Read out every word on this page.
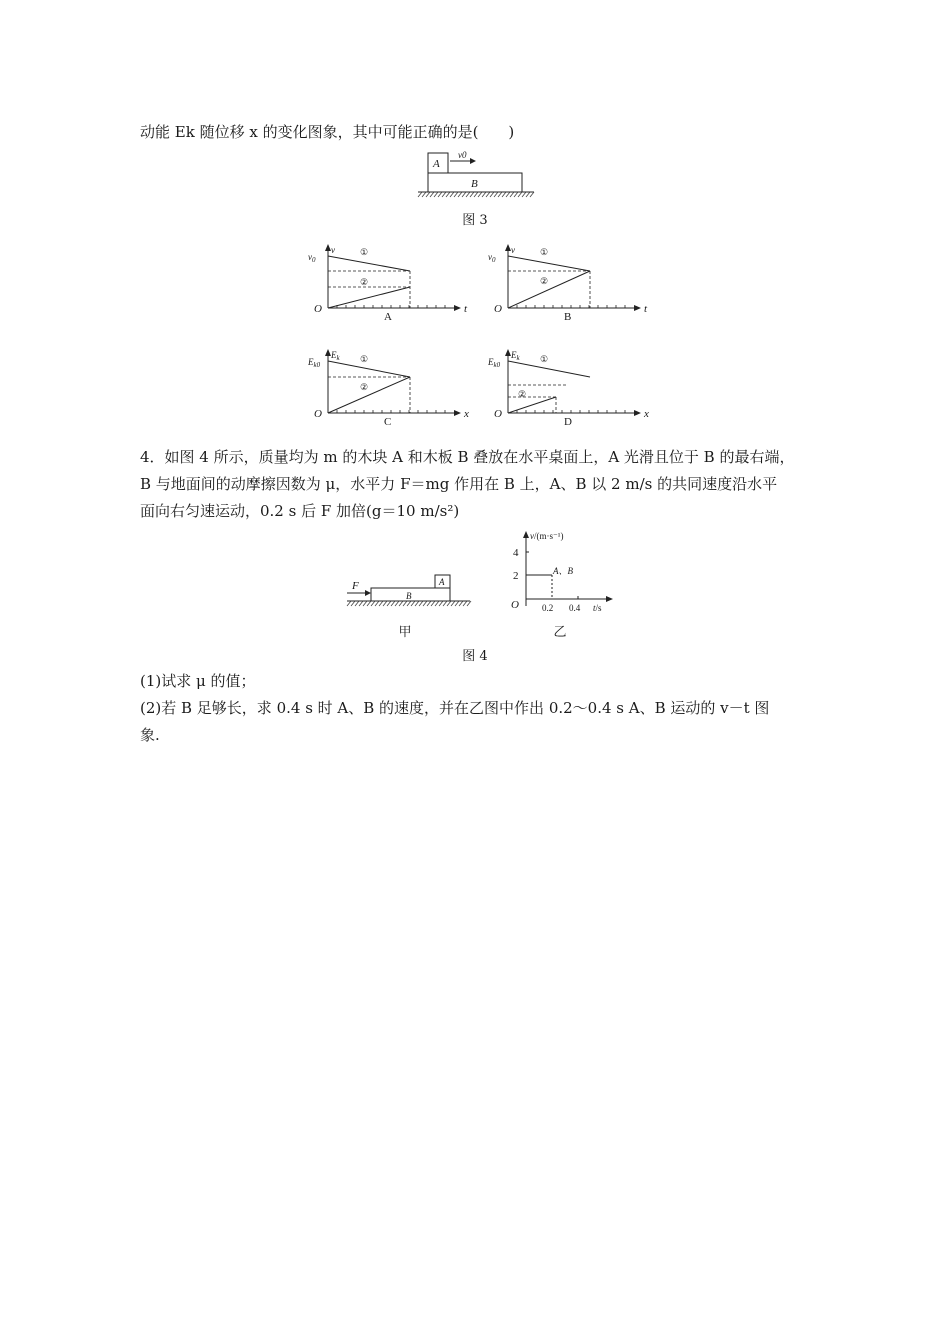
动能 Ek 随位移 x 的变化图象，其中可能正确的是(　　)
A
v0
B
图 3
v
$v_0$
O	t
A
①
②
v
$v_0$
O	t
B
①
②
$E_k$
$E_{k0}$
O	x
C
①
②
$E_k$
$E_{k0}$
O	x
D
①
②
4．如图 4 所示，质量均为 m 的木块 A 和木板 B 叠放在水平桌面上，A 光滑且位于 B 的最右端，
B 与地面间的动摩擦因数为 μ，水平力 F＝mg 作用在 B 上，A、B 以 2 m/s 的共同速度沿水平
面向右匀速运动，0.2 s 后 F 加倍(g＝10 m/s²)
F
B
A
甲
v/(m·s⁻¹)
O	t/s
2
4
0.2 0.4
A、B
乙
图 4
(1)试求 μ 的值；
(2)若 B 足够长，求 0.4 s 时 A、B 的速度，并在乙图中作出 0.2～0.4 s A、B 运动的 v－t 图
象.
